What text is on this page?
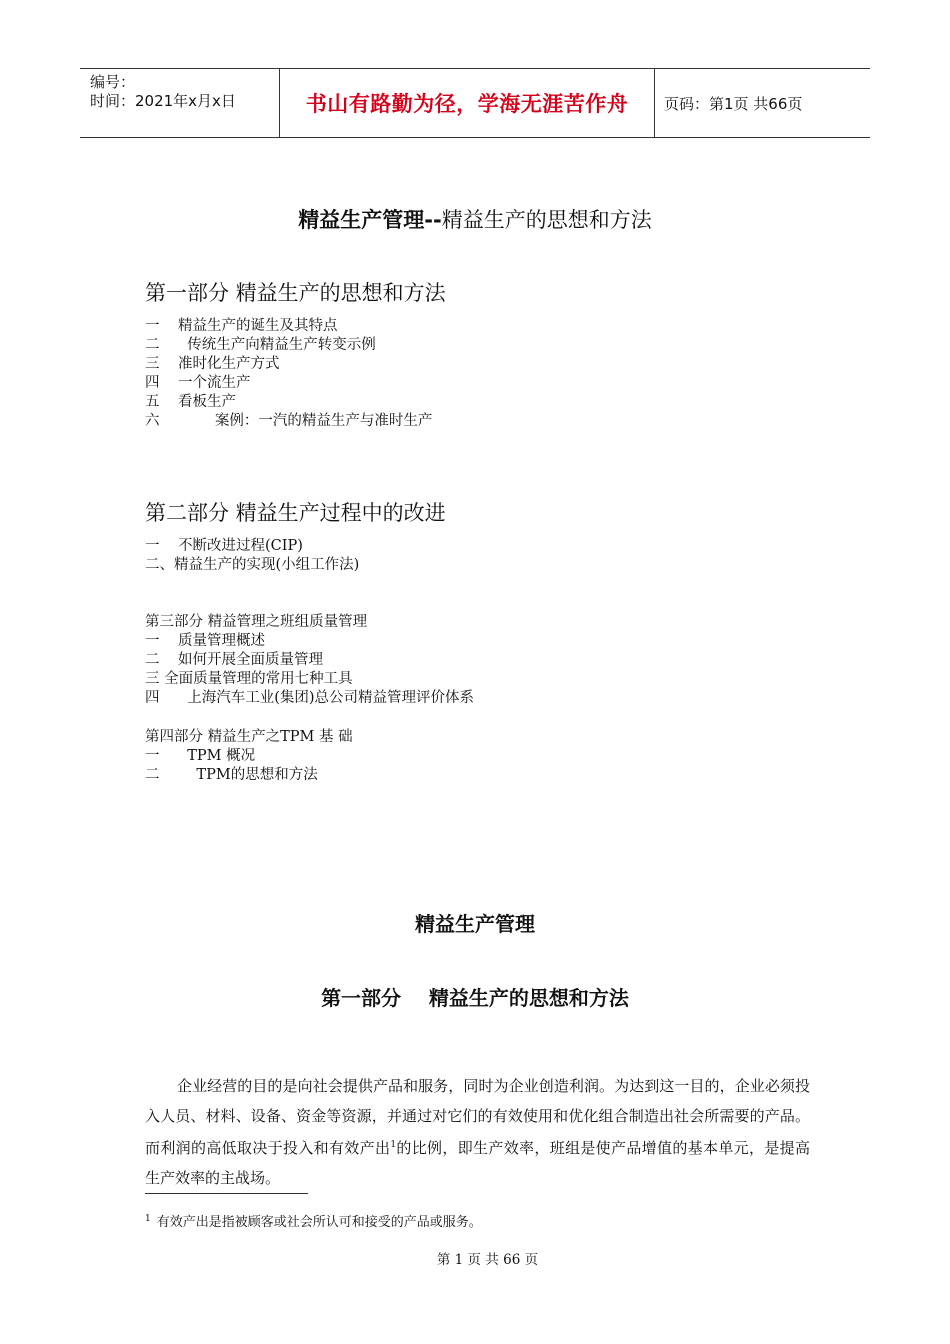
编号：
时间：2021年x月x日	书山有路勤为径，学海无涯苦作舟	页码：第1页 共66页
精益生产管理--精益生产的思想和方法
第一部分 精益生产的思想和方法
一 精益生产的诞生及其特点
二  传统生产向精益生产转变示例
三 准时化生产方式
四 一个流生产
五 看板生产
六        案例：一汽的精益生产与准时生产
第二部分 精益生产过程中的改进
一 不断改进过程(CIP)
二、精益生产的实现(小组工作法)
第三部分 精益管理之班组质量管理
一 质量管理概述
二 如何开展全面质量管理
三 全面质量管理的常用七种工具
四  上海汽车工业(集团)总公司精益管理评价体系
第四部分 精益生产之TPM 基 础
一  TPM 概况
二    TPM的思想和方法
精益生产管理
第一部分    精益生产的思想和方法
企业经营的目的是向社会提供产品和服务，同时为企业创造利润。为达到这一目的，企业必须投入人员、材料、设备、资金等资源，并通过对它们的有效使用和优化组合制造出社会所需要的产品。而利润的高低取决于投入和有效产出$^1$的比例，即生产效率，班组是使产品增值的基本单元，是提高生产效率的主战场。
$^1$ 有效产出是指被顾客或社会所认可和接受的产品或服务。
第 1 页 共 66 页
